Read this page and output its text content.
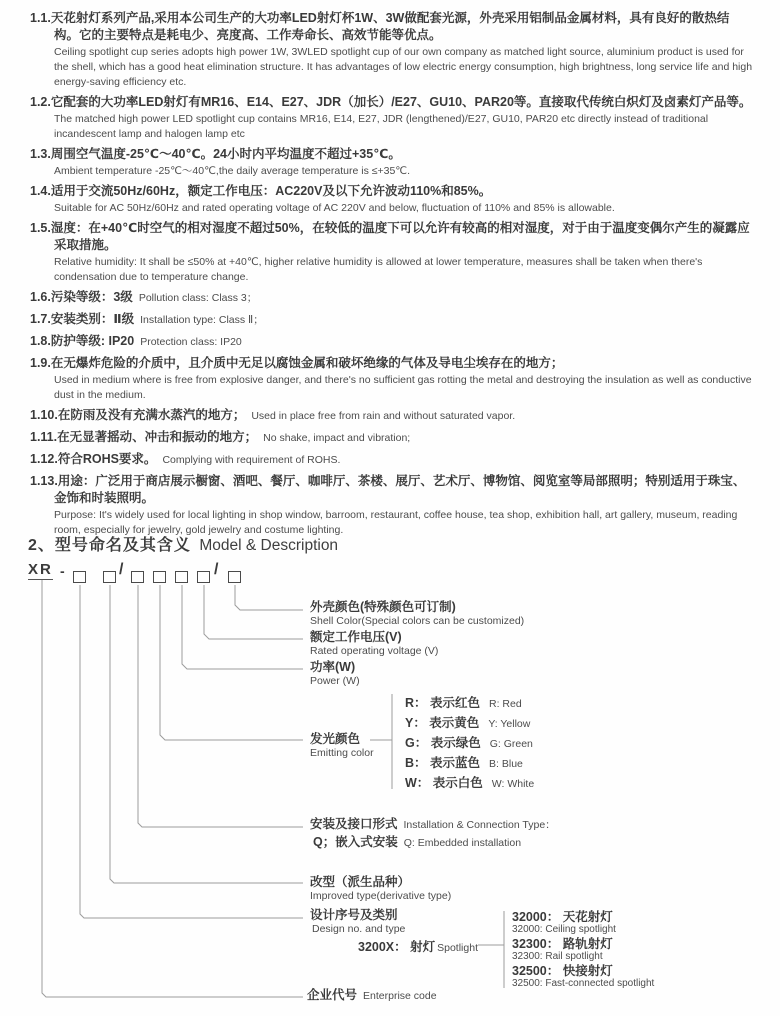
1.1.天花射灯系列产品,采用本公司生产的大功率LED射灯杯1W、3W做配套光源，外壳采用铝制品金属材料，具有良好的散热结构。它的主要特点是耗电少、亮度高、工作寿命长、高效节能等优点。
Ceiling spotlight cup series adopts high power 1W, 3WLED spotlight cup of our own company as matched light source, aluminium product is used for the shell, which has a good heat elimination structure. It has advantages of low electric energy consumption, high brightness, long service life and high energy-saving efficiency etc.
1.2.它配套的大功率LED射灯有MR16、E14、E27、JDR（加长）/E27、GU10、PAR20等。直接取代传统白炽灯及卤素灯产品等。
The matched high power LED spotlight cup contains MR16, E14, E27, JDR (lengthened)/E27, GU10, PAR20 etc directly instead of traditional incandescent lamp and halogen lamp etc
1.3.周围空气温度-25℃～40℃。24小时内平均温度不超过+35℃。
Ambient temperature -25℃～40℃,the daily average temperature is ≤+35℃.
1.4.适用于交流50Hz/60Hz，额定工作电压：AC220V及以下允许波动110%和85%。
Suitable for AC 50Hz/60Hz and rated operating voltage of AC 220V and below, fluctuation of 110% and 85% is allowable.
1.5.湿度：在+40℃时空气的相对湿度不超过50%，在较低的温度下可以允许有较高的相对湿度，对于由于温度变偶尔产生的凝露应采取措施。
Relative humidity: It shall be ≤50% at +40℃, higher relative humidity is allowed at lower temperature, measures shall be taken when there's condensation due to temperature change.
1.6.污染等级：3级 Pollution class: Class 3；
1.7.安装类别：Ⅱ级 Installation type: Class Ⅱ；
1.8.防护等级: IP20 Protection class: IP20
1.9.在无爆炸危险的介质中，且介质中无足以腐蚀金属和破坏绝缘的气体及导电尘埃存在的地方；
Used in medium where is free from explosive danger, and there's no sufficient gas rotting the metal and destroying the insulation as well as conductive dust in the medium.
1.10.在防雨及没有充满水蒸汽的地方； Used in place free from rain and without saturated vapor.
1.11.在无显著摇动、冲击和振动的地方； No shake, impact and vibration;
1.12.符合ROHS要求。 Complying with requirement of ROHS.
1.13.用途：广泛用于商店展示橱窗、酒吧、餐厅、咖啡厅、茶楼、展厅、艺术厅、博物馆、阅览室等局部照明；特别适用于珠宝、金饰和时装照明。
Purpose: It's widely used for local lighting in shop window, barroom, restaurant, coffee house, tea shop, exhibition hall, art gallery, museum, reading room, especially for jewelry, gold jewelry and costume lighting.
2、型号命名及其含义 Model & Description
XR -	/	/
外壳颜色(特殊颜色可订制)
Shell Color(Special colors can be customized)
额定工作电压(V)
Rated operating voltage (V)
功率(W)
Power (W)
发光颜色
Emitting color
R： 表示红色 R: Red
Y： 表示黄色 Y: Yellow
G： 表示绿色 G: Green
B： 表示蓝色 B: Blue
W： 表示白色 W: White
安装及接口形式 Installation & Connection Type：
Q；嵌入式安装 Q: Embedded installation
改型（派生品种）
Improved type(derivative type)
设计序号及类别
Design no. and type
3200X： 射灯 Spotlight
32000： 天花射灯
32000: Ceiling spotlight
32300： 路轨射灯
32300: Rail spotlight
32500： 快接射灯
32500: Fast-connected spotlight
企业代号 Enterprise code
